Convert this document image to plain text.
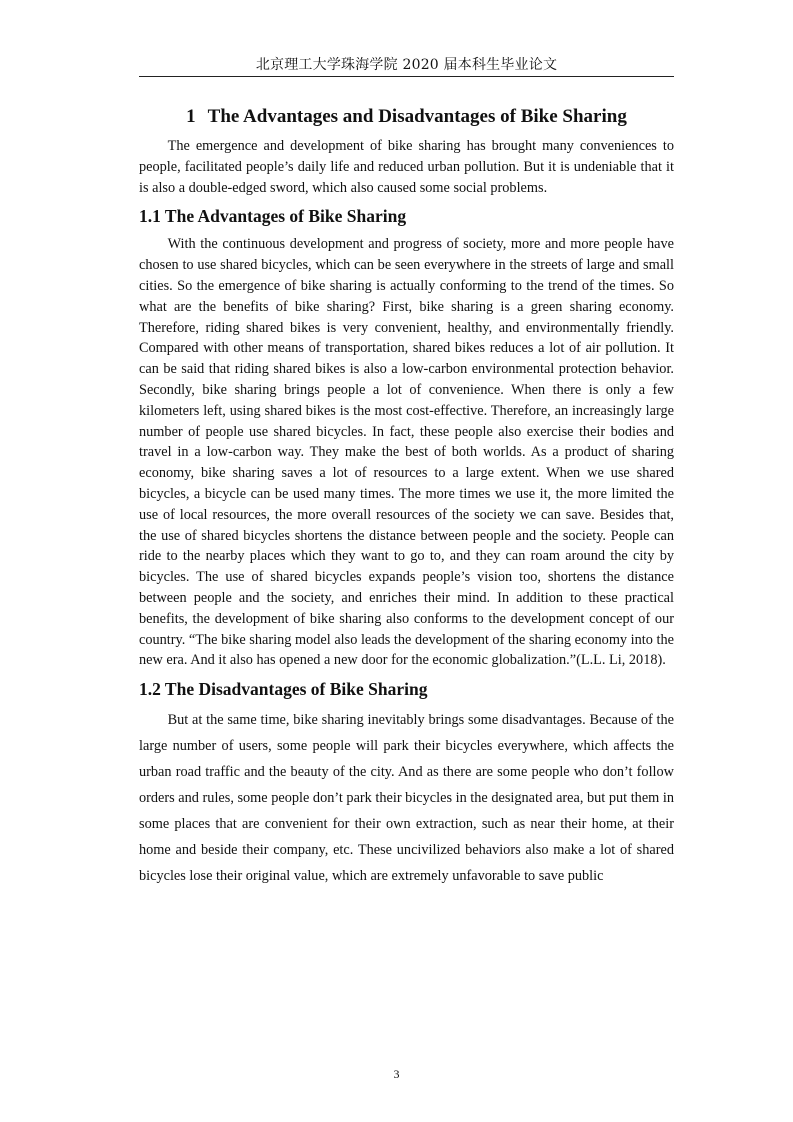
北京理工大学珠海学院 2020 届本科生毕业论文
1 The Advantages and Disadvantages of Bike Sharing

The emergence and development of bike sharing has brought many conveniences to people, facilitated people’s daily life and reduced urban pollution. But it is undeniable that it is also a double-edged sword, which also caused some social problems.

1.1 The Advantages of Bike Sharing

With the continuous development and progress of society, more and more people have chosen to use shared bicycles, which can be seen everywhere in the streets of large and small cities. So the emergence of bike sharing is actually conforming to the trend of the times. So what are the benefits of bike sharing? First, bike sharing is a green sharing economy. Therefore, riding shared bikes is very convenient, healthy, and environmentally friendly. Compared with other means of transportation, shared bikes reduces a lot of air pollution. It can be said that riding shared bikes is also a low-carbon environmental protection behavior. Secondly, bike sharing brings people a lot of convenience. When there is only a few kilometers left, using shared bikes is the most cost-effective. Therefore, an increasingly large number of people use shared bicycles. In fact, these people also exercise their bodies and travel in a low-carbon way. They make the best of both worlds. As a product of sharing economy, bike sharing saves a lot of resources to a large extent. When we use shared bicycles, a bicycle can be used many times. The more times we use it, the more limited the use of local resources, the more overall resources of the society we can save. Besides that, the use of shared bicycles shortens the distance between people and the society. People can ride to the nearby places which they want to go to, and they can roam around the city by bicycles. The use of shared bicycles expands people’s vision too, shortens the distance between people and the society, and enriches their mind. In addition to these practical benefits, the development of bike sharing also conforms to the development concept of our country. “The bike sharing model also leads the development of the sharing economy into the new era. And it also has opened a new door for the economic globalization.”(L.L. Li, 2018).

1.2 The Disadvantages of Bike Sharing

But at the same time, bike sharing inevitably brings some disadvantages. Because of the large number of users, some people will park their bicycles everywhere, which affects the urban road traffic and the beauty of the city. And as there are some people who don’t follow orders and rules, some people don’t park their bicycles in the designated area, but put them in some places that are convenient for their own extraction, such as near their home, at their home and beside their company, etc. These uncivilized behaviors also make a lot of shared bicycles lose their original value, which are extremely unfavorable to save public

3
